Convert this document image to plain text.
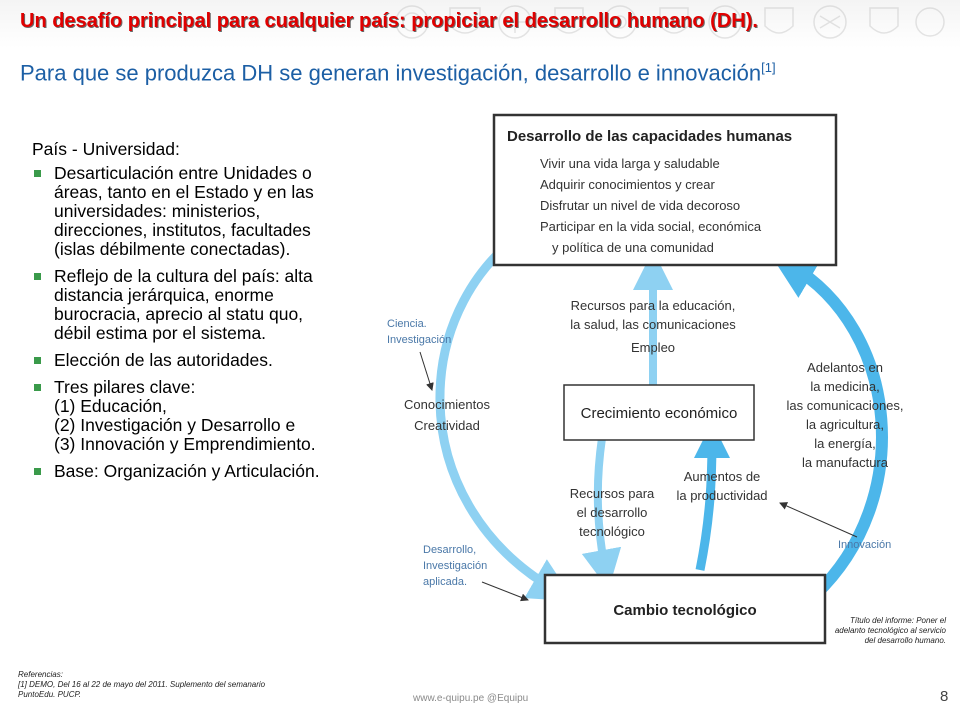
Un desafío principal para cualquier país: propiciar el desarrollo humano (DH).
Para que se produzca DH se generan investigación, desarrollo e innovación[1]
País - Universidad:
Desarticulación entre Unidades o áreas, tanto en el Estado y en las universidades: ministerios, direcciones, institutos, facultades (islas débilmente conectadas).
Reflejo de la cultura del país: alta distancia jerárquica, enorme burocracia, aprecio al statu quo, débil estima por el sistema.
Elección de las autoridades.
Tres pilares clave:
(1) Educación,
(2) Investigación y Desarrollo e
(3) Innovación y Emprendimiento.
Base: Organización y Articulación.
Desarrollo de las capacidades humanas
Vivir una vida larga y saludable
Adquirir conocimientos y crear
Disfrutar un nivel de vida decoroso
Participar en la vida social, económica
y política de una comunidad
Crecimiento económico
Cambio tecnológico
Recursos para la educación,
la salud, las comunicaciones
Empleo
Conocimientos
Creatividad
Adelantos en
la medicina,
las comunicaciones,
la agricultura,
la energía,
la manufactura
Aumentos de
la productividad
Recursos para
el desarrollo
tecnológico
Ciencia.
Investigación
Desarrollo,
Investigación
aplicada.
Innovación
Título del informe: Poner el adelanto tecnológico al servicio del desarrollo humano.
Referencias:
[1] DEMO, Del 16 al 22 de mayo del 2011. Suplemento del semanario PuntoEdu. PUCP.	www.e-quipu.pe @Equipu	8
